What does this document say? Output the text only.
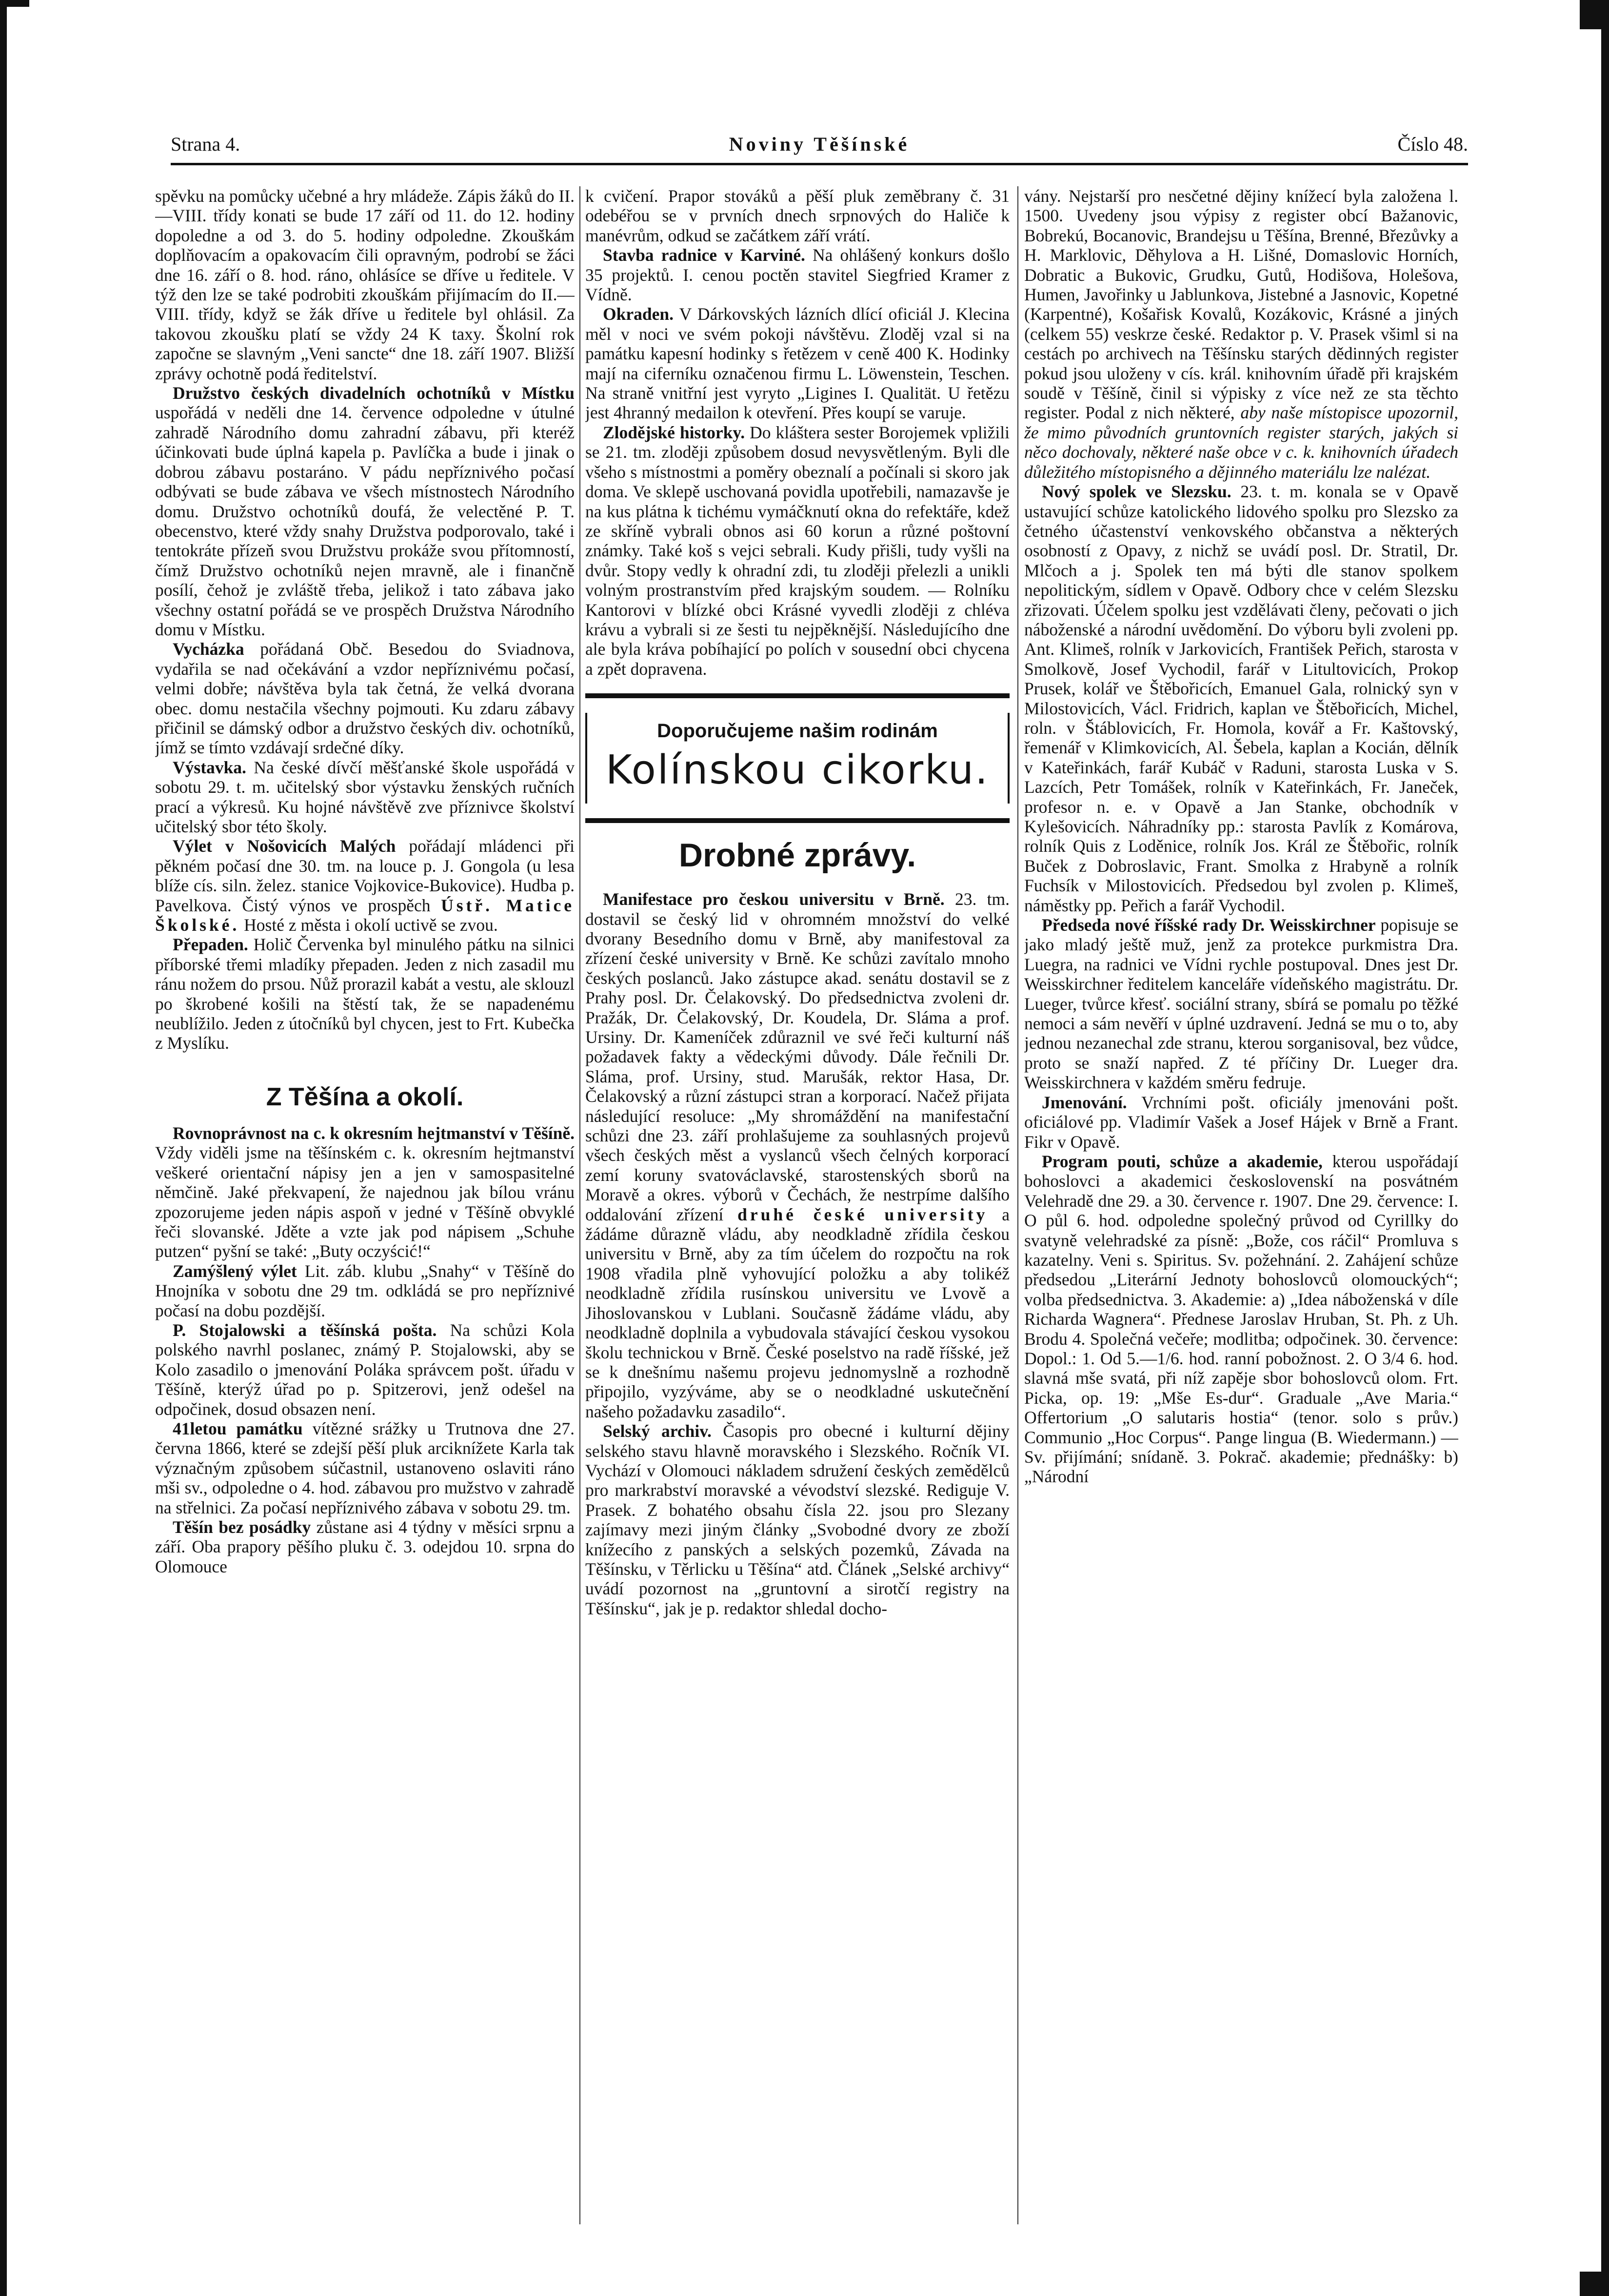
Strana 4.	Noviny Těšínské	Číslo 48.

spěvku na pomůcky učebné a hry mládeže. Zápis žáků do II.—VIII. třídy konati se bude 17 září od 11. do 12. hodiny dopoledne a od 3. do 5. hodiny odpoledne. Zkouškám doplňovacím a opakovacím čili opravným, podrobí se žáci dne 16. září o 8. hod. ráno, ohlásíce se dříve u ředitele. V týž den lze se také podrobiti zkouškám přijímacím do II.—VIII. třídy, když se žák dříve u ředitele byl ohlásil. Za takovou zkoušku platí se vždy 24 K taxy. Školní rok započne se slavným „Veni sancte“ dne 18. září 1907. Bližší zprávy ochotně podá ředitelství.

Družstvo českých divadelních ochotníků v Místku uspořádá v neděli dne 14. července odpoledne v útulné zahradě Národního domu zahradní zábavu, při kteréž účinkovati bude úplná kapela p. Pavlíčka a bude i jinak o dobrou zábavu postaráno. V pádu nepříznivého počasí odbývati se bude zábava ve všech místnostech Národního domu. Družstvo ochotníků doufá, že velectěné P. T. obecenstvo, které vždy snahy Družstva podporovalo, také i tentokráte přízeň svou Družstvu prokáže svou přítomností, čímž Družstvo ochotníků nejen mravně, ale i finančně posílí, čehož je zvláště třeba, jelikož i tato zábava jako všechny ostatní pořádá se ve prospěch Družstva Národního domu v Místku.

Vycházka pořádaná Obč. Besedou do Sviadnova, vydařila se nad očekávání a vzdor nepříznivému počasí, velmi dobře; návštěva byla tak četná, že velká dvorana obec. domu nestačila všechny pojmouti. Ku zdaru zábavy přičinil se dámský odbor a družstvo českých div. ochotníků, jímž se tímto vzdávají srdečné díky.

Výstavka. Na české dívčí měšťanské škole uspořádá v sobotu 29. t. m. učitelský sbor výstavku ženských ručních prací a výkresů. Ku hojné návštěvě zve příznivce školství učitelský sbor této školy.

Výlet v Nošovicích Malých pořádají mládenci při pěkném počasí dne 30. tm. na louce p. J. Gongola (u lesa blíže cís. siln. želez. stanice Vojkovice-Bukovice). Hudba p. Pavelkova. Čistý výnos ve prospěch Ústř. Matice Školské. Hosté z města i okolí uctivě se zvou.

Přepaden. Holič Červenka byl minulého pátku na silnici příborské třemi mladíky přepaden. Jeden z nich zasadil mu ránu nožem do prsou. Nůž prorazil kabát a vestu, ale sklouzl po škrobené košili na štěstí tak, že se napadenému neublížilo. Jeden z útočníků byl chycen, jest to Frt. Kubečka z Myslíku.

Z Těšína a okolí.

Rovnoprávnost na c. k okresním hejtmanství v Těšíně. Vždy viděli jsme na těšínském c. k. okresním hejtmanství veškeré orientační nápisy jen a jen v samospasitelné němčině. Jaké překvapení, že najednou jak bílou vránu zpozorujeme jeden nápis aspoň v jedné v Těšíně obvyklé řeči slovanské. Jděte a vzte jak pod nápisem „Schuhe putzen“ pyšní se také: „Buty oczyścić!“

Zamýšlený výlet Lit. záb. klubu „Snahy“ v Těšíně do Hnojníka v sobotu dne 29 tm. odkládá se pro nepříznivé počasí na dobu pozdější.

P. Stojalowski a těšínská pošta. Na schůzi Kola polského navrhl poslanec, známý P. Stojalowski, aby se Kolo zasadilo o jmenování Poláka správcem pošt. úřadu v Těšíně, kterýž úřad po p. Spitzerovi, jenž odešel na odpočinek, dosud obsazen není.

41letou památku vítězné srážky u Trutnova dne 27. června 1866, které se zdejší pěší pluk arciknížete Karla tak význačným způsobem súčastnil, ustanoveno oslaviti ráno mši sv., odpoledne o 4. hod. zábavou pro mužstvo v zahradě na střelnici. Za počasí nepříznivého zábava v sobotu 29. tm.

Těšín bez posádky zůstane asi 4 týdny v měsíci srpnu a září. Oba prapory pěšího pluku č. 3. odejdou 10. srpna do Olomouce

k cvičení. Prapor stováků a pěší pluk zeměbrany č. 31 odebéřou se v prvních dnech srpnových do Haliče k manévrům, odkud se začátkem září vrátí.

Stavba radnice v Karviné. Na ohlášený konkurs došlo 35 projektů. I. cenou poctěn stavitel Siegfried Kramer z Vídně.

Okraden. V Dárkovských lázních dlící oficiál J. Klecina měl v noci ve svém pokoji návštěvu. Zloděj vzal si na památku kapesní hodinky s řetězem v ceně 400 K. Hodinky mají na ciferníku označenou firmu L. Löwenstein, Teschen. Na straně vnitřní jest vyryto „Ligines I. Qualität. U řetězu jest 4hranný medailon k otevření. Přes koupí se varuje.

Zlodějské historky. Do kláštera sester Borojemek vpližili se 21. tm. zloději způsobem dosud nevysvětleným. Byli dle všeho s místnostmi a poměry obeznalí a počínali si skoro jak doma. Ve sklepě uschovaná povidla upotřebili, namazavše je na kus plátna k tichému vymáčknutí okna do refektáře, kdež ze skříně vybrali obnos asi 60 korun a různé poštovní známky. Také koš s vejci sebrali. Kudy přišli, tudy vyšli na dvůr. Stopy vedly k ohradní zdi, tu zloději přelezli a unikli volným prostranstvím před krajským soudem. — Rolníku Kantorovi v blízké obci Krásné vyvedli zloději z chléva krávu a vybrali si ze šesti tu nejpěknější. Následujícího dne ale byla kráva pobíhající po polích v sousední obci chycena a zpět dopravena.

Doporučujeme našim rodinám
Kolínskou cikorku.
Drobné zprávy.

Manifestace pro českou universitu v Brně. 23. tm. dostavil se český lid v ohromném množství do velké dvorany Besedního domu v Brně, aby manifestoval za zřízení české university v Brně. Ke schůzi zavítalo mnoho českých poslanců. Jako zástupce akad. senátu dostavil se z Prahy posl. Dr. Čelakovský. Do předsednictva zvoleni dr. Pražák, Dr. Čelakovský, Dr. Koudela, Dr. Sláma a prof. Ursiny. Dr. Kameníček zdůraznil ve své řeči kulturní náš požadavek fakty a vědeckými důvody. Dále řečnili Dr. Sláma, prof. Ursiny, stud. Marušák, rektor Hasa, Dr. Čelakovský a různí zástupci stran a korporací. Načež přijata následující resoluce: „My shromáždění na manifestační schůzi dne 23. září prohlašujeme za souhlasných projevů všech českých měst a vyslanců všech čelných korporací zemí koruny svatováclavské, starostenských sborů na Moravě a okres. výborů v Čechách, že nestrpíme dalšího oddalování zřízení druhé české university a žádáme důrazně vládu, aby neodkladně zřídila českou universitu v Brně, aby za tím účelem do rozpočtu na rok 1908 vřadila plně vyhovující položku a aby tolikéž neodkladně zřídila rusínskou universitu ve Lvově a Jihoslovanskou v Lublani. Současně žádáme vládu, aby neodkladně doplnila a vybudovala stávající českou vysokou školu technickou v Brně. České poselstvo na radě říšské, jež se k dnešnímu našemu projevu jednomyslně a rozhodně připojilo, vyzýváme, aby se o neodkladné uskutečnění našeho požadavku zasadilo“.

Selský archiv. Časopis pro obecné i kulturní dějiny selského stavu hlavně moravského i Slezského. Ročník VI. Vychází v Olomouci nákladem sdružení českých zemědělců pro markrabství moravské a vévodství slezské. Rediguje V. Prasek. Z bohatého obsahu čísla 22. jsou pro Slezany zajímavy mezi jiným články „Svobodné dvory ze zboží knížecího z panských a selských pozemků, Závada na Těšínsku, v Těrlicku u Těšína“ atd. Článek „Selské archivy“ uvádí pozornost na „gruntovní a sirotčí registry na Těšínsku“, jak je p. redaktor shledal docho-

vány. Nejstarší pro nesčetné dějiny knížecí byla založena l. 1500. Uvedeny jsou výpisy z register obcí Bažanovic, Bobrekú, Bocanovic, Brandejsu u Těšína, Brenné, Březůvky a H. Marklovic, Děhylova a H. Lišné, Domaslovic Horních, Dobratic a Bukovic, Grudku, Gutů, Hodišova, Holešova, Humen, Javořinky u Jablunkova, Jistebné a Jasnovic, Kopetné (Karpentné), Košařisk Kovalů, Kozákovic, Krásné a jiných (celkem 55) veskrze české. Redaktor p. V. Prasek všiml si na cestách po archivech na Těšínsku starých dědinných register pokud jsou uloženy v cís. král. knihovním úřadě při krajském soudě v Těšíně, činil si výpisky z více než ze sta těchto register. Podal z nich některé, aby naše místopisce upozornil, že mimo původních gruntovních register starých, jakých si něco dochovaly, některé naše obce v c. k. knihovních úřadech důležitého místopisného a dějinného materiálu lze nalézat.

Nový spolek ve Slezsku. 23. t. m. konala se v Opavě ustavující schůze katolického lidového spolku pro Slezsko za četného účastenství venkovského občanstva a některých osobností z Opavy, z nichž se uvádí posl. Dr. Stratil, Dr. Mlčoch a j. Spolek ten má býti dle stanov spolkem nepolitickým, sídlem v Opavě. Odbory chce v celém Slezsku zřizovati. Účelem spolku jest vzdělávati členy, pečovati o jich náboženské a národní uvědomění. Do výboru byli zvoleni pp. Ant. Klimeš, rolník v Jarkovicích, František Peřich, starosta v Smolkově, Josef Vychodil, farář v Litultovicích, Prokop Prusek, kolář ve Štěbořicích, Emanuel Gala, rolnický syn v Milostovicích, Václ. Fridrich, kaplan ve Štěbořicích, Michel, roln. v Štáblovicích, Fr. Homola, kovář a Fr. Kaštovský, řemenář v Klimkovicích, Al. Šebela, kaplan a Kocián, dělník v Kateřinkách, farář Kubáč v Raduni, starosta Luska v S. Lazcích, Petr Tomášek, rolník v Kateřinkách, Fr. Janeček, profesor n. e. v Opavě a Jan Stanke, obchodník v Kylešovicích. Náhradníky pp.: starosta Pavlík z Komárova, rolník Quis z Loděnice, rolník Jos. Král ze Štěbořic, rolník Buček z Dobroslavic, Frant. Smolka z Hrabyně a rolník Fuchsík v Milostovicích. Předsedou byl zvolen p. Klimeš, náměstky pp. Peřich a farář Vychodil.

Předseda nové říšské rady Dr. Weisskirchner popisuje se jako mladý ještě muž, jenž za protekce purkmistra Dra. Luegra, na radnici ve Vídni rychle postupoval. Dnes jest Dr. Weisskirchner ředitelem kanceláře vídeňského magistrátu. Dr. Lueger, tvůrce křesť. sociální strany, sbírá se pomalu po těžké nemoci a sám nevěří v úplné uzdravení. Jedná se mu o to, aby jednou nezanechal zde stranu, kterou sorganisoval, bez vůdce, proto se snaží napřed. Z té příčiny Dr. Lueger dra. Weisskirchnera v každém směru fedruje.

Jmenování. Vrchními pošt. oficiály jmenováni pošt. oficiálové pp. Vladimír Vašek a Josef Hájek v Brně a Frant. Fikr v Opavě.

Program pouti, schůze a akademie, kterou uspořádají bohoslovci a akademici československí na posvátném Velehradě dne 29. a 30. července r. 1907. Dne 29. července: I. O půl 6. hod. odpoledne společný průvod od Cyrillky do svatyně velehradské za písně: „Bože, cos ráčil“ Promluva s kazatelny. Veni s. Spiritus. Sv. požehnání. 2. Zahájení schůze předsedou „Literární Jednoty bohoslovců olomouckých“; volba předsednictva. 3. Akademie: a) „Idea náboženská v díle Richarda Wagnera“. Přednese Jaroslav Hruban, St. Ph. z Uh. Brodu 4. Společná večeře; modlitba; odpočinek. 30. července: Dopol.: 1. Od 5.—1/6. hod. ranní pobožnost. 2. O 3/4 6. hod. slavná mše svatá, při níž zapěje sbor bohoslovců olom. Frt. Picka, op. 19: „Mše Es-dur“. Graduale „Ave Maria.“ Offertorium „O salutaris hostia“ (tenor. solo s prův.) Communio „Hoc Corpus“. Pange lingua (B. Wiedermann.) — Sv. přijímání; snídaně. 3. Pokrač. akademie; přednášky: b) „Národní
